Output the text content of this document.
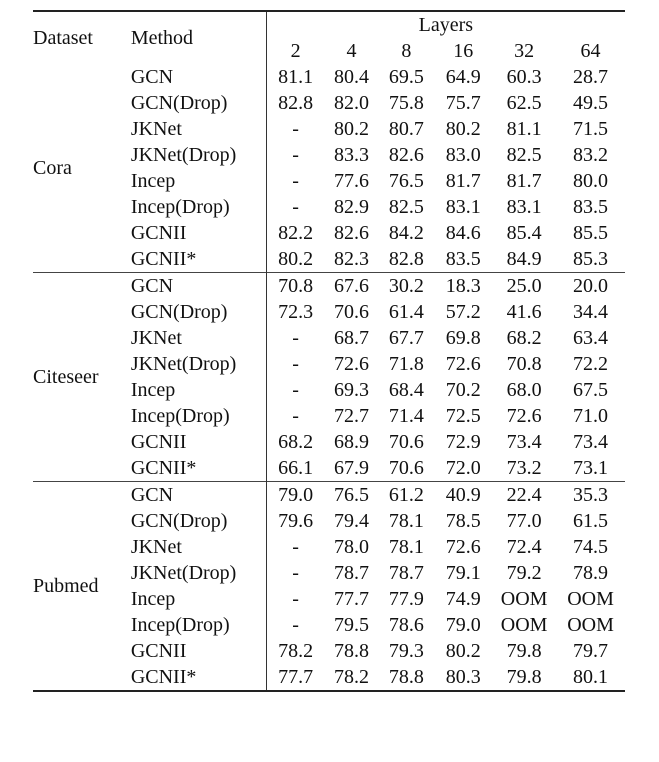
Dataset	Method	Layers					
		2	4	8	16	32	64
Cora	GCN	81.1	80.4	69.5	64.9	60.3	28.7
	GCN(Drop)	82.8	82.0	75.8	75.7	62.5	49.5
	JKNet	-	80.2	80.7	80.2	81.1	71.5
	JKNet(Drop)	-	83.3	82.6	83.0	82.5	83.2
	Incep	-	77.6	76.5	81.7	81.7	80.0
	Incep(Drop)	-	82.9	82.5	83.1	83.1	83.5
	GCNII	82.2	82.6	84.2	84.6	85.4	85.5
	GCNII*	80.2	82.3	82.8	83.5	84.9	85.3
Citeseer	GCN	70.8	67.6	30.2	18.3	25.0	20.0
	GCN(Drop)	72.3	70.6	61.4	57.2	41.6	34.4
	JKNet	-	68.7	67.7	69.8	68.2	63.4
	JKNet(Drop)	-	72.6	71.8	72.6	70.8	72.2
	Incep	-	69.3	68.4	70.2	68.0	67.5
	Incep(Drop)	-	72.7	71.4	72.5	72.6	71.0
	GCNII	68.2	68.9	70.6	72.9	73.4	73.4
	GCNII*	66.1	67.9	70.6	72.0	73.2	73.1
Pubmed	GCN	79.0	76.5	61.2	40.9	22.4	35.3
	GCN(Drop)	79.6	79.4	78.1	78.5	77.0	61.5
	JKNet	-	78.0	78.1	72.6	72.4	74.5
	JKNet(Drop)	-	78.7	78.7	79.1	79.2	78.9
	Incep	-	77.7	77.9	74.9	OOM	OOM
	Incep(Drop)	-	79.5	78.6	79.0	OOM	OOM
	GCNII	78.2	78.8	79.3	80.2	79.8	79.7
	GCNII*	77.7	78.2	78.8	80.3	79.8	80.1
